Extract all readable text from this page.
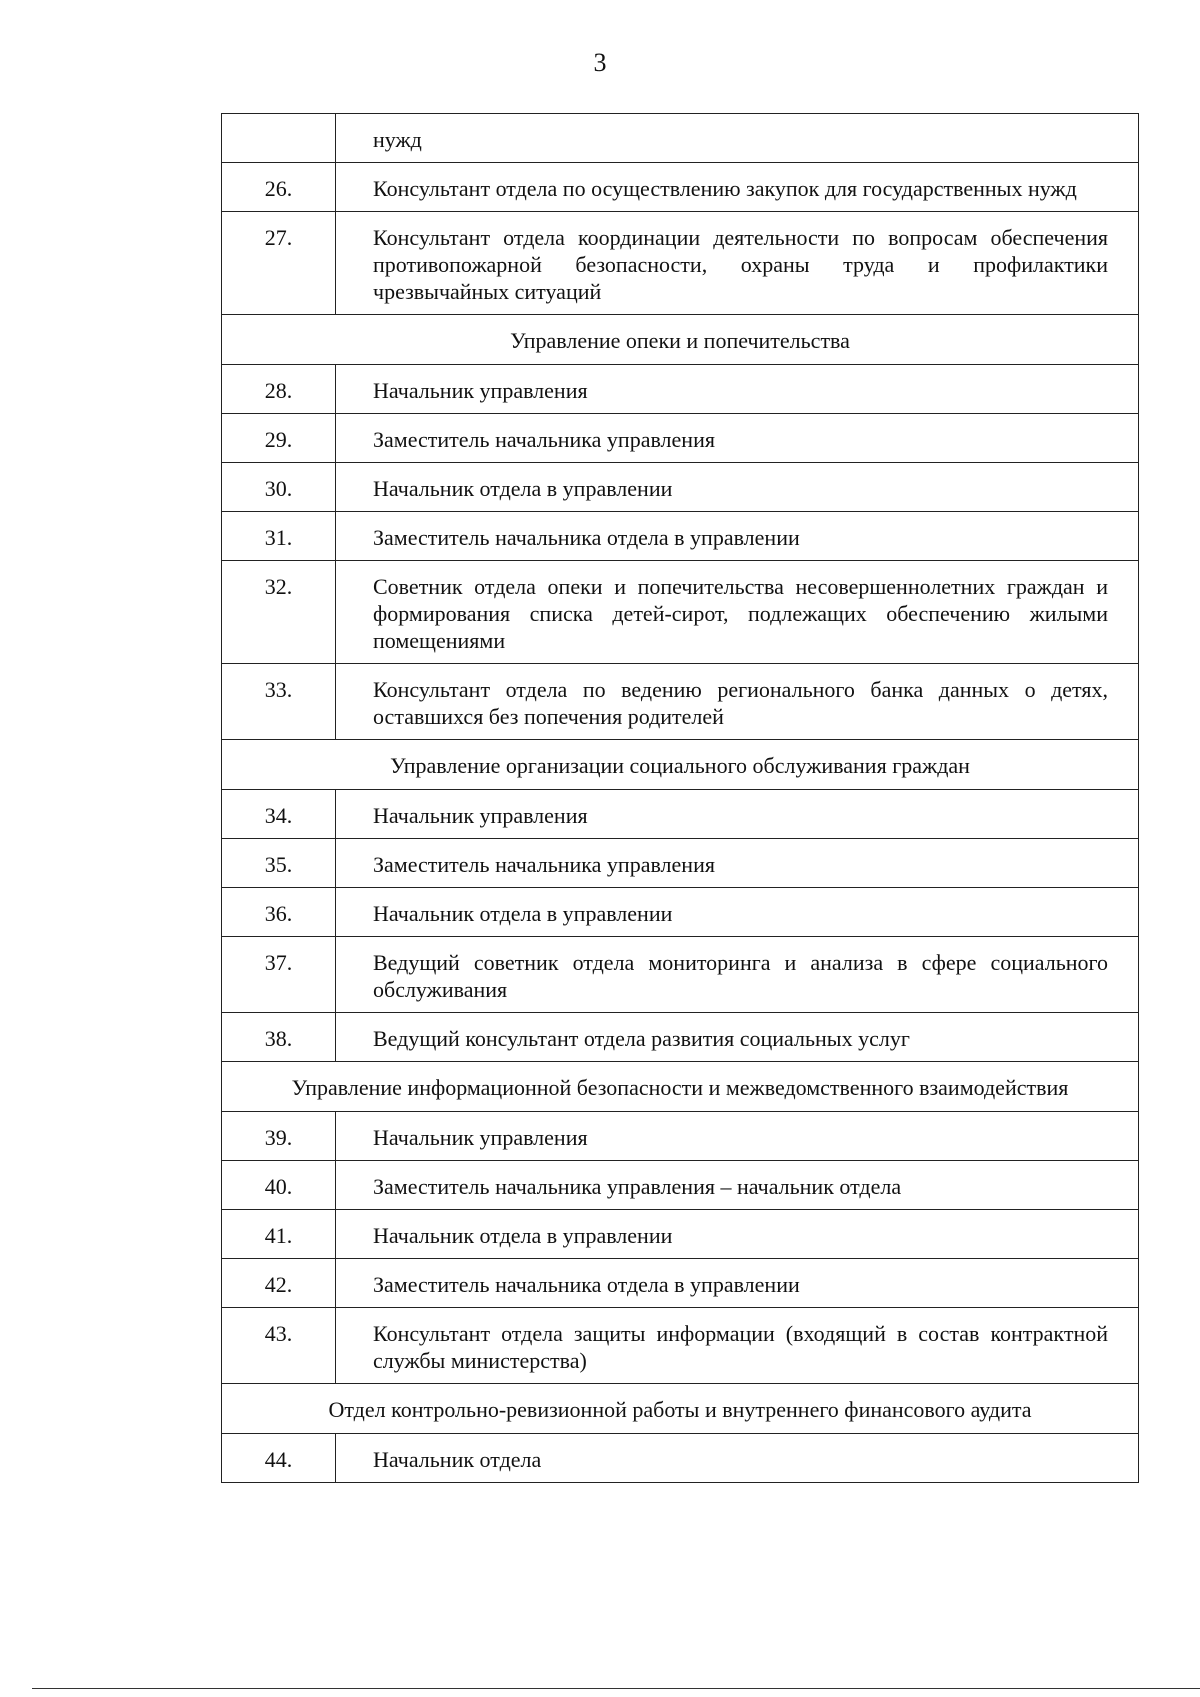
3
	нужд
26.	Консультант отдела по осуществлению закупок для государственных нужд
27.	Консультант отдела координации деятельности по вопросам обеспечения противопожарной безопасности, охраны труда и профилактики чрезвычайных ситуаций
Управление опеки и попечительства	
28.	Начальник управления
29.	Заместитель начальника управления
30.	Начальник отдела в управлении
31.	Заместитель начальника отдела в управлении
32.	Советник отдела опеки и попечительства несовершеннолетних граждан и формирования списка детей-сирот, подлежащих обеспечению жилыми помещениями
33.	Консультант отдела по ведению регионального банка данных о детях, оставшихся без попечения родителей
Управление организации социального обслуживания граждан	
34.	Начальник управления
35.	Заместитель начальника управления
36.	Начальник отдела в управлении
37.	Ведущий советник отдела мониторинга и анализа в сфере социального обслуживания
38.	Ведущий консультант отдела развития социальных услуг
Управление информационной безопасности и межведомственного взаимодействия	
39.	Начальник управления
40.	Заместитель начальника управления – начальник отдела
41.	Начальник отдела в управлении
42.	Заместитель начальника отдела в управлении
43.	Консультант отдела защиты информации (входящий в состав контрактной службы министерства)
Отдел контрольно-ревизионной работы и внутреннего финансового аудита	
44.	Начальник отдела
